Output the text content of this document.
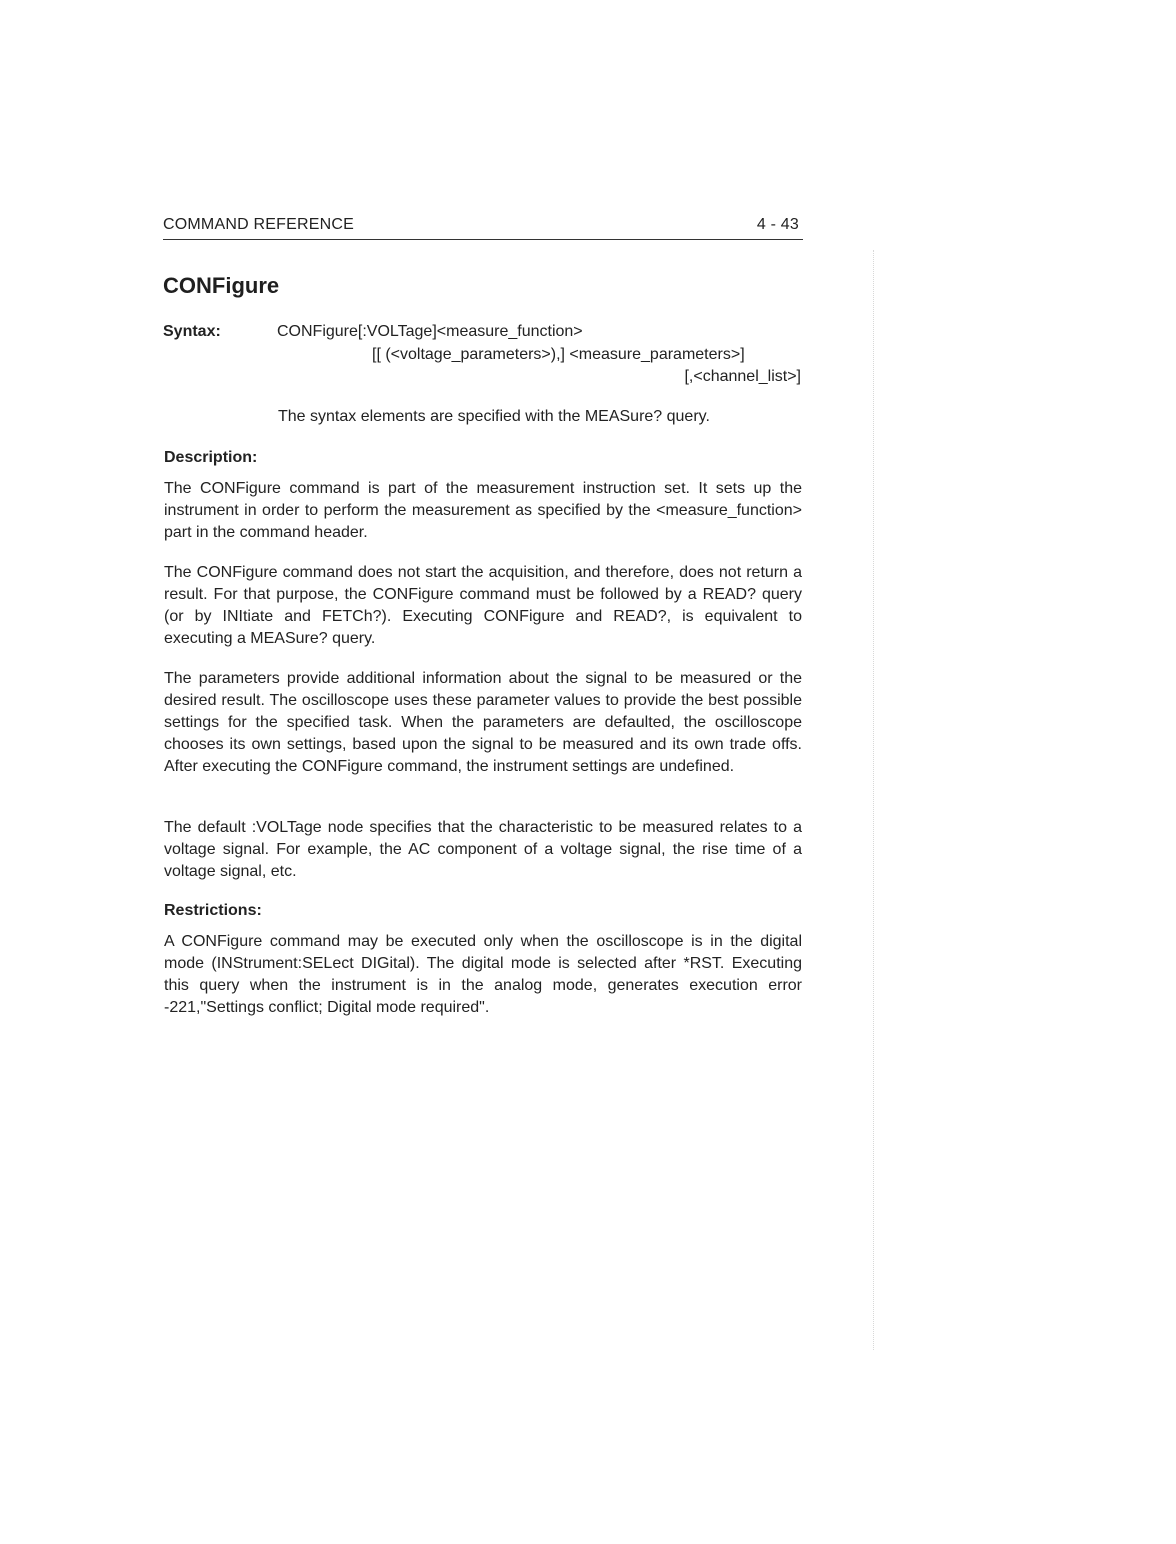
COMMAND REFERENCE	4 - 43
CONFigure
Syntax:	CONFigure[:VOLTage]<measure_function>
[[ (<voltage_parameters>),] <measure_parameters>]
[,<channel_list>]
The syntax elements are specified with the MEASure? query.
Description:

The CONFigure command is part of the measurement instruction set. It sets up the instrument in order to perform the measurement as specified by the <measure_function> part in the command header.

The CONFigure command does not start the acquisition, and therefore, does not return a result. For that purpose, the CONFigure command must be followed by a READ? query (or by INItiate and FETCh?). Executing CONFigure and READ?, is equivalent to executing a MEASure? query.

The parameters provide additional information about the signal to be measured or the desired result. The oscilloscope uses these parameter values to provide the best possible settings for the specified task. When the parameters are defaulted, the oscilloscope chooses its own settings, based upon the signal to be measured and its own trade offs. After executing the CONFigure command, the instrument settings are undefined.

The default :VOLTage node specifies that the characteristic to be measured relates to a voltage signal. For example, the AC component of a voltage signal, the rise time of a voltage signal, etc.

Restrictions:

A CONFigure command may be executed only when the oscilloscope is in the digital mode (INStrument:SELect DIGital). The digital mode is selected after *RST. Executing this query when the instrument is in the analog mode, generates execution error -221,"Settings conflict; Digital mode required".
